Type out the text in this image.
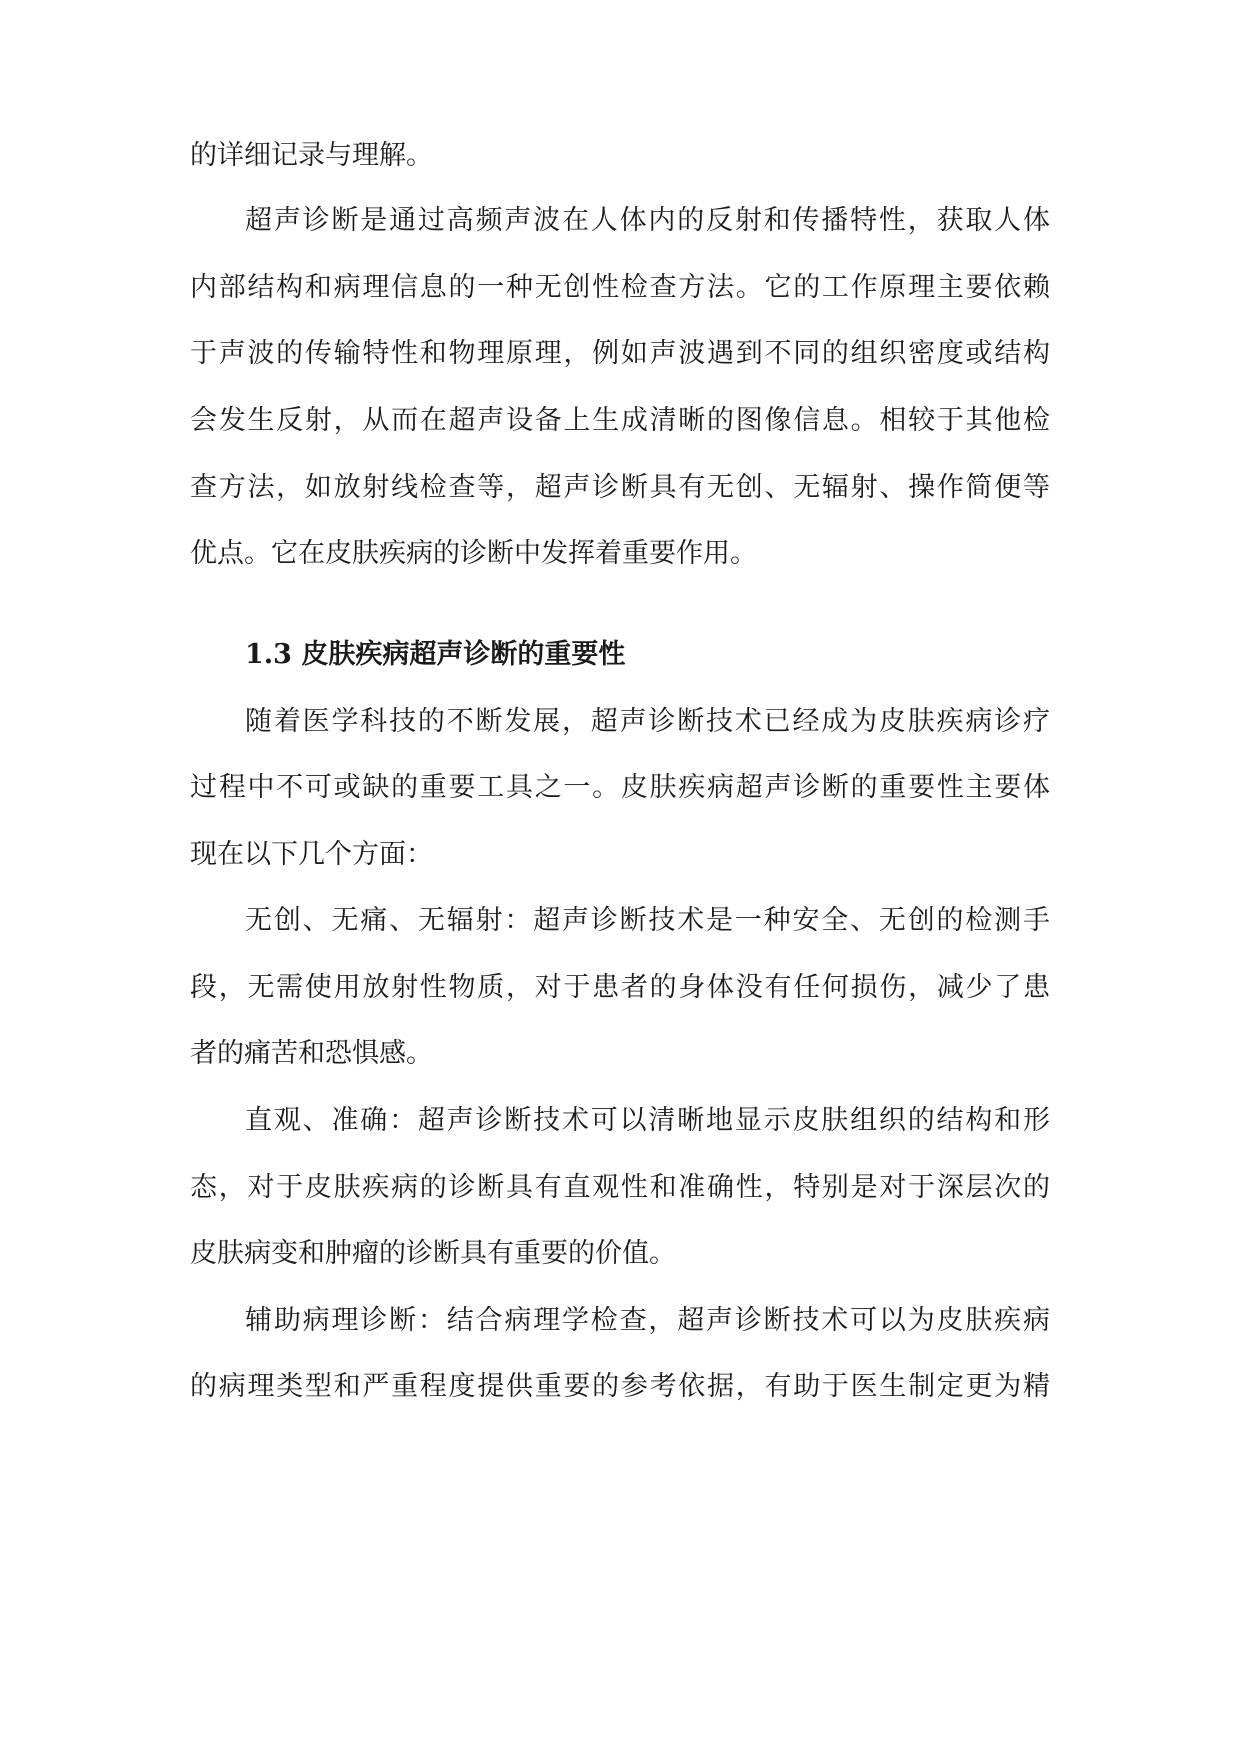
的详细记录与理解。
超声诊断是通过高频声波在人体内的反射和传播特性，获取人体
内部结构和病理信息的一种无创性检查方法。它的工作原理主要依赖
于声波的传输特性和物理原理，例如声波遇到不同的组织密度或结构
会发生反射，从而在超声设备上生成清晰的图像信息。相较于其他检
查方法，如放射线检查等，超声诊断具有无创、无辐射、操作简便等
优点。它在皮肤疾病的诊断中发挥着重要作用。
1.3 皮肤疾病超声诊断的重要性
随着医学科技的不断发展，超声诊断技术已经成为皮肤疾病诊疗
过程中不可或缺的重要工具之一。皮肤疾病超声诊断的重要性主要体
现在以下几个方面：
无创、无痛、无辐射：超声诊断技术是一种安全、无创的检测手
段，无需使用放射性物质，对于患者的身体没有任何损伤，减少了患
者的痛苦和恐惧感。
直观、准确：超声诊断技术可以清晰地显示皮肤组织的结构和形
态，对于皮肤疾病的诊断具有直观性和准确性，特别是对于深层次的
皮肤病变和肿瘤的诊断具有重要的价值。
辅助病理诊断：结合病理学检查，超声诊断技术可以为皮肤疾病
的病理类型和严重程度提供重要的参考依据，有助于医生制定更为精
